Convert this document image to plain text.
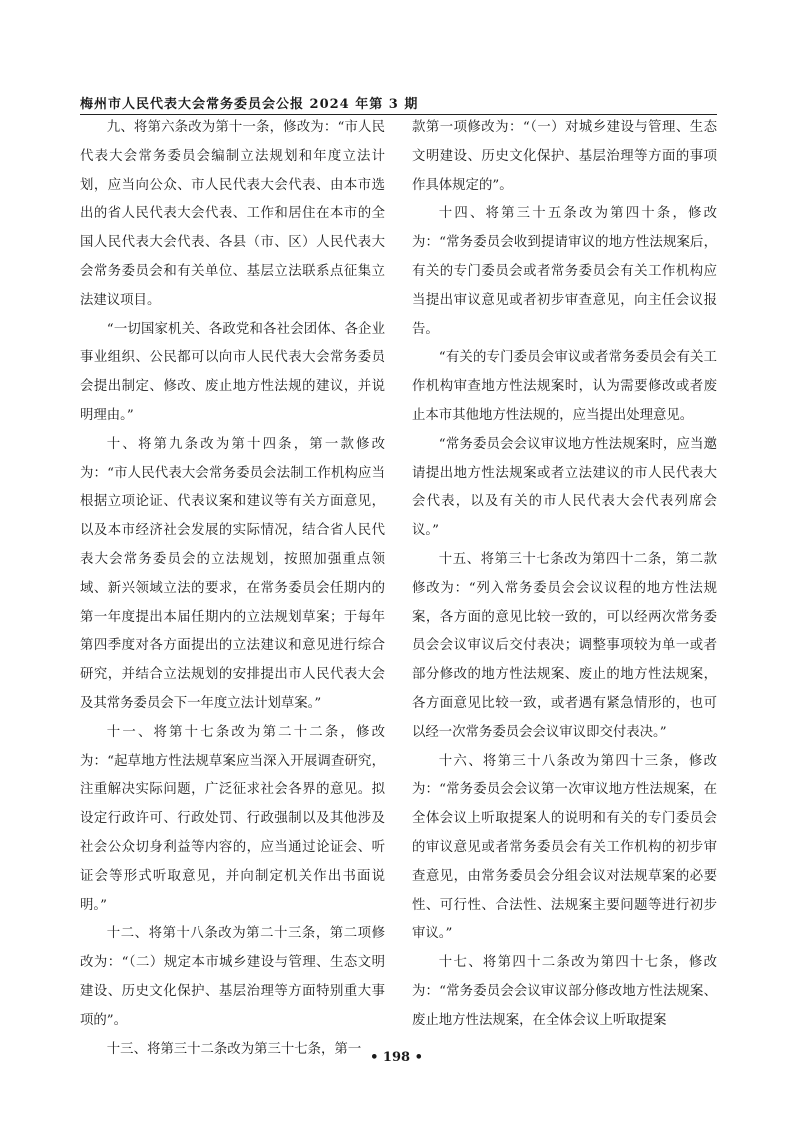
梅州市人民代表大会常务委员会公报 2024 年第 3 期

九、将第六条改为第十一条，修改为：“市人民代表大会常务委员会编制立法规划和年度立法计划，应当向公众、市人民代表大会代表、由本市选出的省人民代表大会代表、工作和居住在本市的全国人民代表大会代表、各县（市、区）人民代表大会常务委员会和有关单位、基层立法联系点征集立法建议项目。

“一切国家机关、各政党和各社会团体、各企业事业组织、公民都可以向市人民代表大会常务委员会提出制定、修改、废止地方性法规的建议，并说明理由。”

十、将第九条改为第十四条，第一款修改为：“市人民代表大会常务委员会法制工作机构应当根据立项论证、代表议案和建议等有关方面意见，以及本市经济社会发展的实际情况，结合省人民代表大会常务委员会的立法规划，按照加强重点领域、新兴领域立法的要求，在常务委员会任期内的第一年度提出本届任期内的立法规划草案；于每年第四季度对各方面提出的立法建议和意见进行综合研究，并结合立法规划的安排提出市人民代表大会及其常务委员会下一年度立法计划草案。”

十一、将第十七条改为第二十二条，修改为：“起草地方性法规草案应当深入开展调查研究，注重解决实际问题，广泛征求社会各界的意见。拟设定行政许可、行政处罚、行政强制以及其他涉及社会公众切身利益等内容的，应当通过论证会、听证会等形式听取意见，并向制定机关作出书面说明。”

十二、将第十八条改为第二十三条，第二项修改为：“（二）规定本市城乡建设与管理、生态文明建设、历史文化保护、基层治理等方面特别重大事项的”。

十三、将第三十二条改为第三十七条，第一

款第一项修改为：“（一）对城乡建设与管理、生态文明建设、历史文化保护、基层治理等方面的事项作具体规定的”。

十四、将第三十五条改为第四十条，修改为：“常务委员会收到提请审议的地方性法规案后，有关的专门委员会或者常务委员会有关工作机构应当提出审议意见或者初步审查意见，向主任会议报告。

“有关的专门委员会审议或者常务委员会有关工作机构审查地方性法规案时，认为需要修改或者废止本市其他地方性法规的，应当提出处理意见。

“常务委员会会议审议地方性法规案时，应当邀请提出地方性法规案或者立法建议的市人民代表大会代表，以及有关的市人民代表大会代表列席会议。”

十五、将第三十七条改为第四十二条，第二款修改为：“列入常务委员会会议议程的地方性法规案，各方面的意见比较一致的，可以经两次常务委员会会议审议后交付表决；调整事项较为单一或者部分修改的地方性法规案、废止的地方性法规案，各方面意见比较一致，或者遇有紧急情形的，也可以经一次常务委员会会议审议即交付表决。”

十六、将第三十八条改为第四十三条，修改为：“常务委员会会议第一次审议地方性法规案，在全体会议上听取提案人的说明和有关的专门委员会的审议意见或者常务委员会有关工作机构的初步审查意见，由常务委员会分组会议对法规草案的必要性、可行性、合法性、法规案主要问题等进行初步审议。”

十七、将第四十二条改为第四十七条，修改为：“常务委员会会议审议部分修改地方性法规案、废止地方性法规案，在全体会议上听取提案

• 198 •
